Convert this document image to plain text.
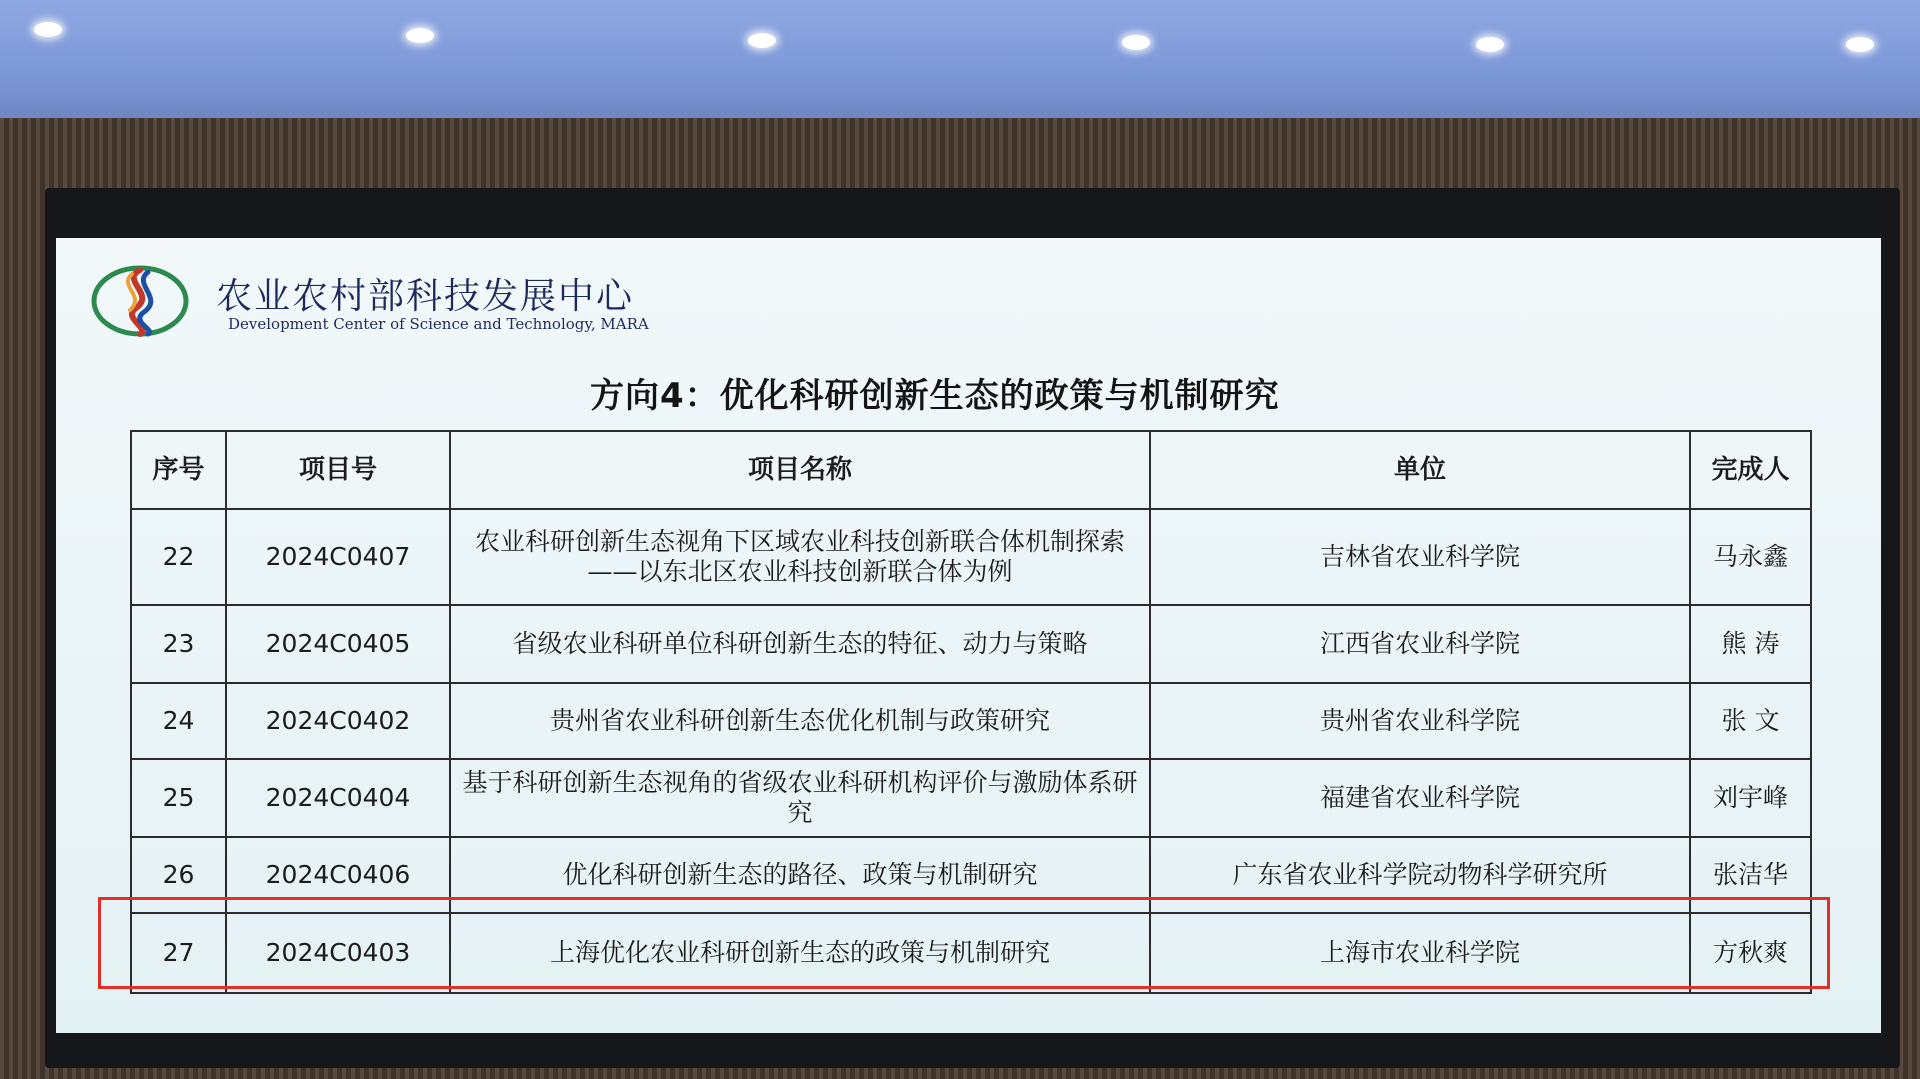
农业农村部科技发展中心
Development Center of Science and Technology, MARA
方向4：优化科研创新生态的政策与机制研究
序号	项目号	项目名称	单位	完成人
22	2024C0407	农业科研创新生态视角下区域农业科技创新联合体机制探索——以东北区农业科技创新联合体为例	吉林省农业科学院	马永鑫
23	2024C0405	省级农业科研单位科研创新生态的特征、动力与策略	江西省农业科学院	熊 涛
24	2024C0402	贵州省农业科研创新生态优化机制与政策研究	贵州省农业科学院	张 文
25	2024C0404	基于科研创新生态视角的省级农业科研机构评价与激励体系研究	福建省农业科学院	刘宇峰
26	2024C0406	优化科研创新生态的路径、政策与机制研究	广东省农业科学院动物科学研究所	张洁华
27	2024C0403	上海优化农业科研创新生态的政策与机制研究	上海市农业科学院	方秋爽
